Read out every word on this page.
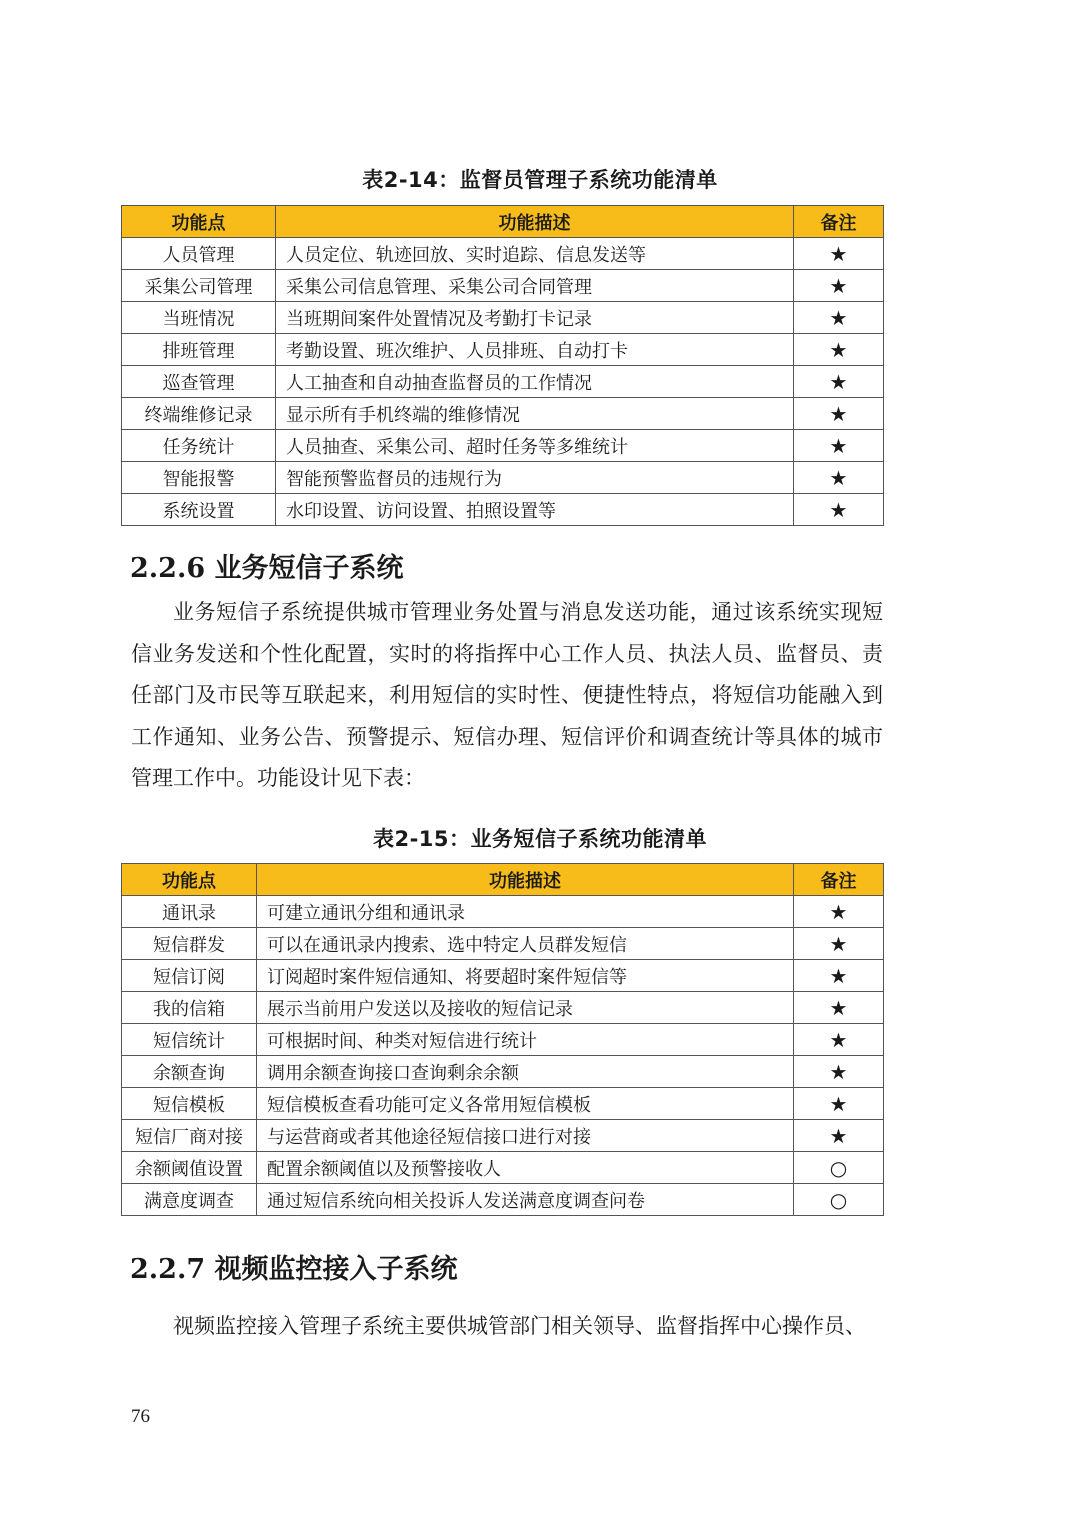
表2-14：监督员管理子系统功能清单
功能点	功能描述	备注
人员管理	人员定位、轨迹回放、实时追踪、信息发送等	★
采集公司管理	采集公司信息管理、采集公司合同管理	★
当班情况	当班期间案件处置情况及考勤打卡记录	★
排班管理	考勤设置、班次维护、人员排班、自动打卡	★
巡查管理	人工抽查和自动抽查监督员的工作情况	★
终端维修记录	显示所有手机终端的维修情况	★
任务统计	人员抽查、采集公司、超时任务等多维统计	★
智能报警	智能预警监督员的违规行为	★
系统设置	水印设置、访问设置、拍照设置等	★
2.2.6 业务短信子系统

业务短信子系统提供城市管理业务处置与消息发送功能，通过该系统实现短信业务发送和个性化配置，实时的将指挥中心工作人员、执法人员、监督员、责任部门及市民等互联起来，利用短信的实时性、便捷性特点，将短信功能融入到工作通知、业务公告、预警提示、短信办理、短信评价和调查统计等具体的城市管理工作中。功能设计见下表：

表2-15：业务短信子系统功能清单
功能点	功能描述	备注
通讯录	可建立通讯分组和通讯录	★
短信群发	可以在通讯录内搜索、选中特定人员群发短信	★
短信订阅	订阅超时案件短信通知、将要超时案件短信等	★
我的信箱	展示当前用户发送以及接收的短信记录	★
短信统计	可根据时间、种类对短信进行统计	★
余额查询	调用余额查询接口查询剩余余额	★
短信模板	短信模板查看功能可定义各常用短信模板	★
短信厂商对接	与运营商或者其他途径短信接口进行对接	★
余额阈值设置	配置余额阈值以及预警接收人	○
满意度调查	通过短信系统向相关投诉人发送满意度调查问卷	○
2.2.7 视频监控接入子系统

视频监控接入管理子系统主要供城管部门相关领导、监督指挥中心操作员、

76
